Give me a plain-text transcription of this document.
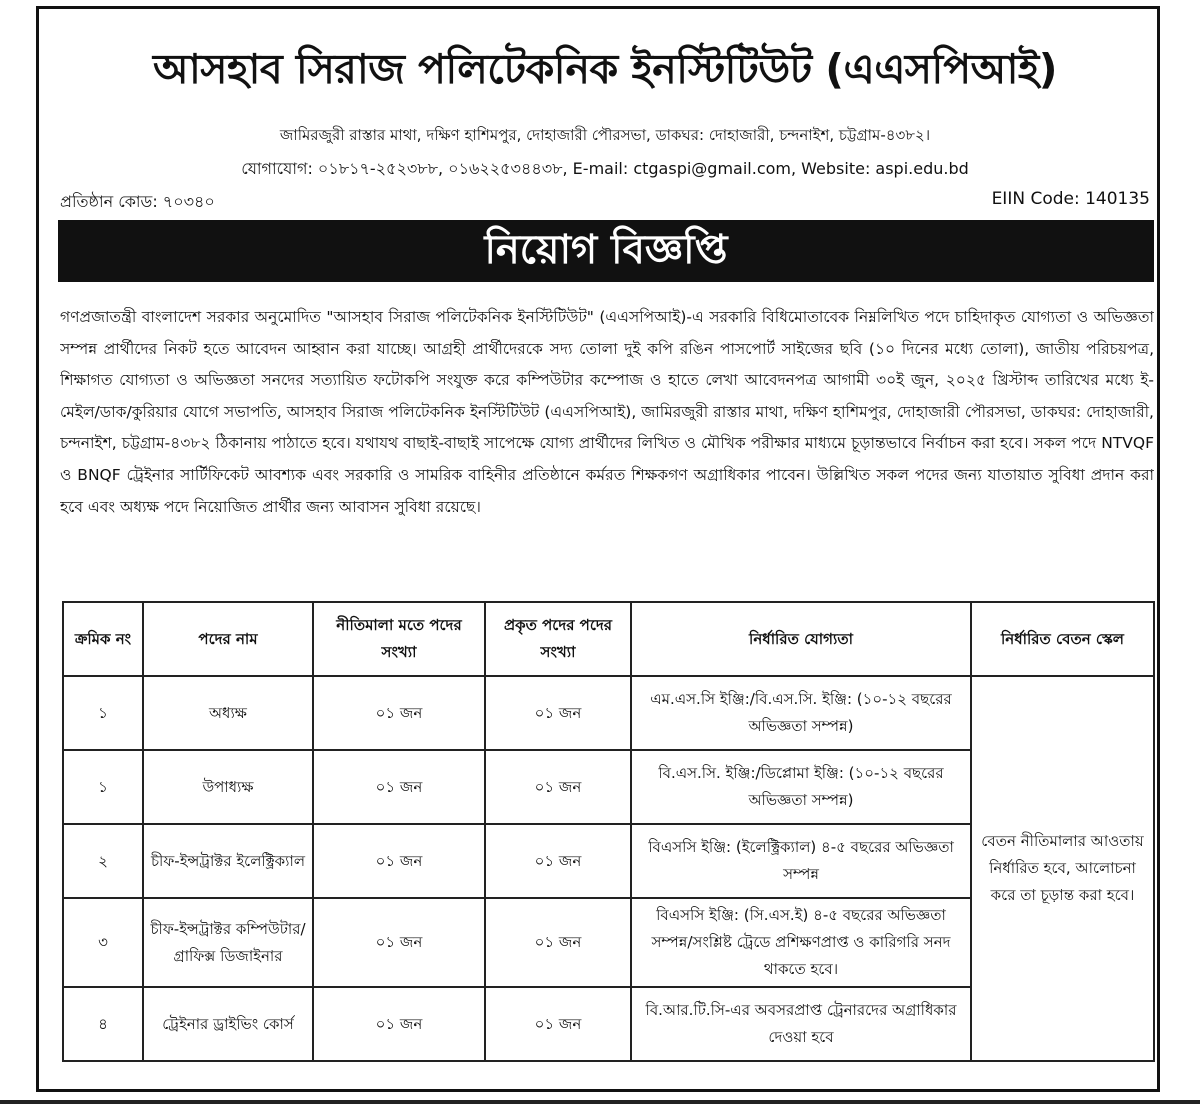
আসহাব সিরাজ পলিটেকনিক ইনস্টিটিউট (এএসপিআই)
জামিরজুরী রাস্তার মাথা, দক্ষিণ হাশিমপুর, দোহাজারী পৌরসভা, ডাকঘর: দোহাজারী, চন্দনাইশ, চট্টগ্রাম-৪৩৮২।
যোগাযোগ: ০১৮১৭-২৫২৩৮৮, ০১৬২২৫৩৪৪৩৮, E-mail: ctgaspi@gmail.com, Website: aspi.edu.bd
প্রতিষ্ঠান কোড: ৭০৩৪০	EIIN Code: 140135
নিয়োগ বিজ্ঞপ্তি
গণপ্রজাতন্ত্রী বাংলাদেশ সরকার অনুমোদিত "আসহাব সিরাজ পলিটেকনিক ইনস্টিটিউট" (এএসপিআই)-এ সরকারি বিধিমোতাবেক নিম্নলিখিত পদে চাহিদাকৃত যোগ্যতা ও অভিজ্ঞতা সম্পন্ন প্রার্থীদের নিকট হতে আবেদন আহ্বান করা যাচ্ছে। আগ্রহী প্রার্থীদেরকে সদ্য তোলা দুই কপি রঙিন পাসপোর্ট সাইজের ছবি (১০ দিনের মধ্যে তোলা), জাতীয় পরিচয়পত্র, শিক্ষাগত যোগ্যতা ও অভিজ্ঞতা সনদের সত্যায়িত ফটোকপি সংযুক্ত করে কম্পিউটার কম্পোজ ও হাতে লেখা আবেদনপত্র আগামী ৩০ই জুন, ২০২৫ খ্রিস্টাব্দ তারিখের মধ্যে ই-মেইল/ডাক/কুরিয়ার যোগে সভাপতি, আসহাব সিরাজ পলিটেকনিক ইনস্টিটিউট (এএসপিআই), জামিরজুরী রাস্তার মাথা, দক্ষিণ হাশিমপুর, দোহাজারী পৌরসভা, ডাকঘর: দোহাজারী, চন্দনাইশ, চট্টগ্রাম-৪৩৮২ ঠিকানায় পাঠাতে হবে। যথাযথ বাছাই-বাছাই সাপেক্ষে যোগ্য প্রার্থীদের লিখিত ও মৌখিক পরীক্ষার মাধ্যমে চূড়ান্তভাবে নির্বাচন করা হবে। সকল পদে NTVQF ও BNQF ট্রেইনার সার্টিফিকেট আবশ্যক এবং সরকারি ও সামরিক বাহিনীর প্রতিষ্ঠানে কর্মরত শিক্ষকগণ অগ্রাধিকার পাবেন। উল্লিখিত সকল পদের জন্য যাতায়াত সুবিধা প্রদান করা হবে এবং অধ্যক্ষ পদে নিয়োজিত প্রার্থীর জন্য আবাসন সুবিধা রয়েছে।
ক্রমিক নং	পদের নাম	নীতিমালা মতে পদের সংখ্যা	প্রকৃত পদের পদের সংখ্যা	নির্ধারিত যোগ্যতা	নির্ধারিত বেতন স্কেল
১	অধ্যক্ষ	০১ জন	০১ জন	এম.এস.সি ইঞ্জি:/বি.এস.সি. ইঞ্জি: (১০-১২ বছরের অভিজ্ঞতা সম্পন্ন)	বেতন নীতিমালার আওতায় নির্ধারিত হবে, আলোচনা করে তা চূড়ান্ত করা হবে।
১	উপাধ্যক্ষ	০১ জন	০১ জন	বি.এস.সি. ইঞ্জি:/ডিপ্লোমা ইঞ্জি: (১০-১২ বছরের অভিজ্ঞতা সম্পন্ন)	
২	চীফ-ইন্সট্রাক্টর ইলেক্ট্রিক্যাল	০১ জন	০১ জন	বিএসসি ইঞ্জি: (ইলেক্ট্রিক্যাল) ৪-৫ বছরের অভিজ্ঞতা সম্পন্ন	
৩	চীফ-ইন্সট্রাক্টর কম্পিউটার/গ্রাফিক্স ডিজাইনার	০১ জন	০১ জন	বিএসসি ইঞ্জি: (সি.এস.ই) ৪-৫ বছরের অভিজ্ঞতা সম্পন্ন/সংশ্লিষ্ট ট্রেডে প্রশিক্ষণপ্রাপ্ত ও কারিগরি সনদ থাকতে হবে।	
৪	ট্রেইনার ড্রাইভিং কোর্স	০১ জন	০১ জন	বি.আর.টি.সি-এর অবসরপ্রাপ্ত ট্রেনারদের অগ্রাধিকার দেওয়া হবে	
